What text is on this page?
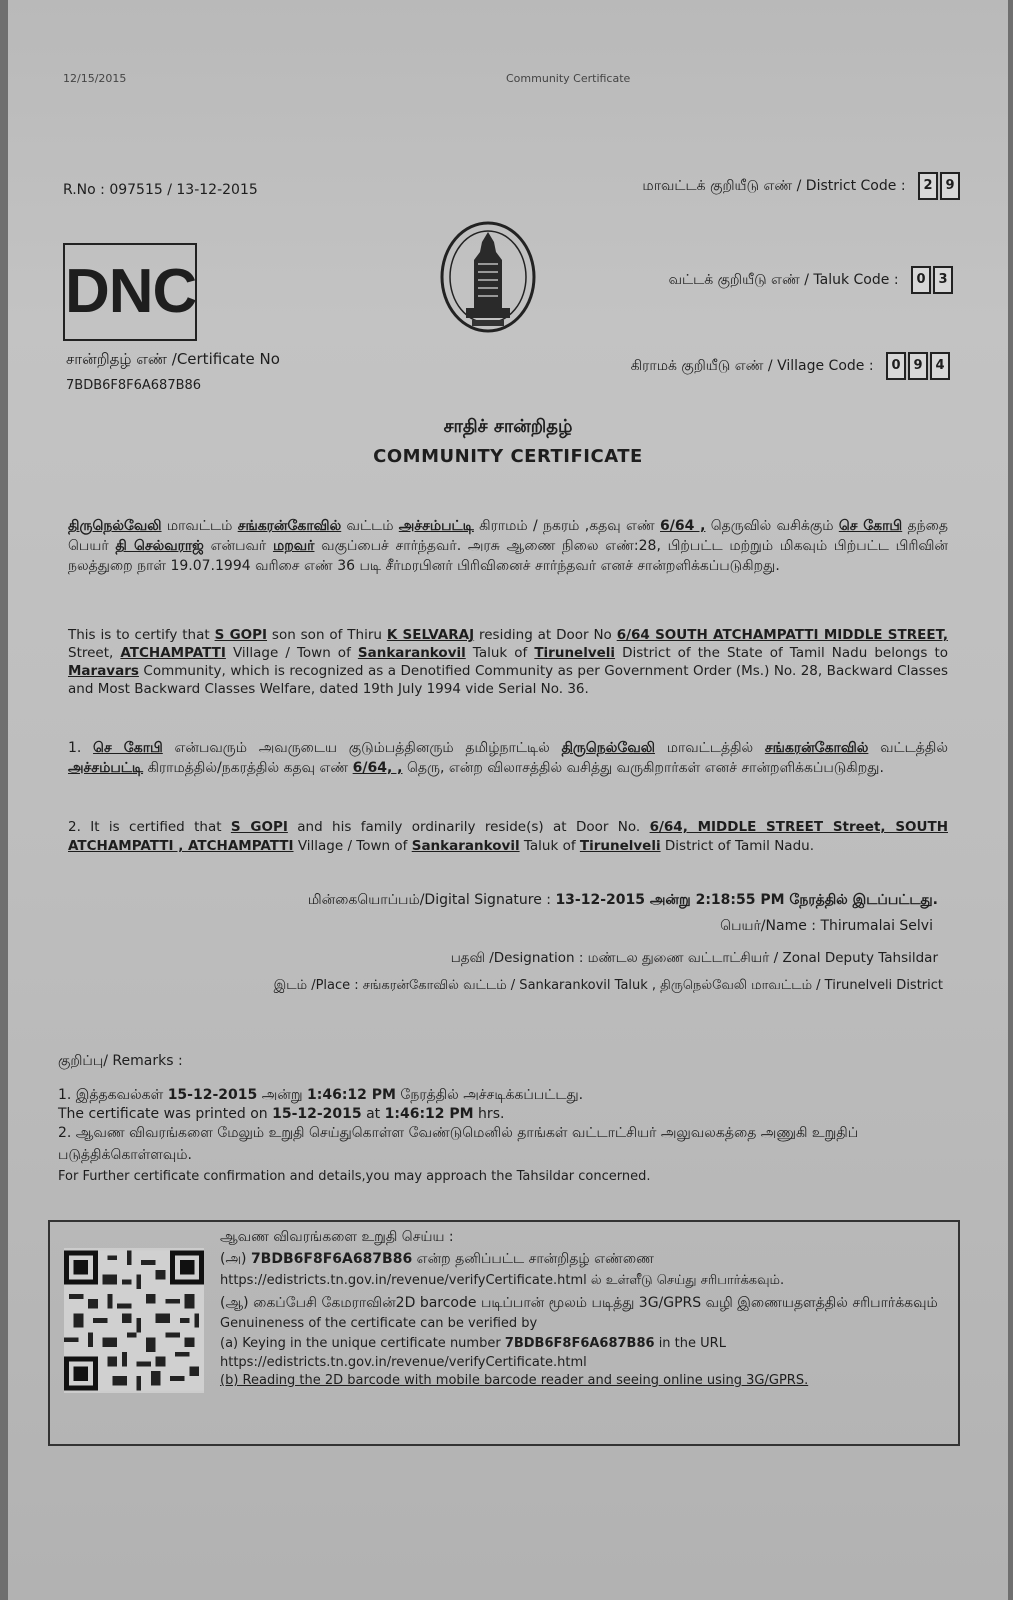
12/15/2015	Community Certificate
R.No : 097515 / 13-12-2015	மாவட்டக் குறியீடு எண் / District Code :	2 9
வட்டக் குறியீடு எண் / Taluk Code :	0 3
கிராமக் குறியீடு எண் / Village Code :	0 9 4
DNC
சான்றிதழ் எண் /Certificate No
7BDB6F8F6A687B86
சாதிச் சான்றிதழ்
COMMUNITY CERTIFICATE
திருநெல்வேலி மாவட்டம் சங்கரன்கோவில் வட்டம் அச்சம்பட்டி கிராமம் / நகரம் ,கதவு எண் 6/64 , தெருவில் வசிக்கும் செ கோபி தந்தை பெயர் தி செல்வராஜ் என்பவர் மறவர் வகுப்பைச் சார்ந்தவர். அரசு ஆணை நிலை எண்:28, பிற்பட்ட மற்றும் மிகவும் பிற்பட்ட பிரிவின் நலத்துறை நாள் 19.07.1994 வரிசை எண் 36 படி சீர்மரபினர் பிரிவினைச் சார்ந்தவர் எனச் சான்றளிக்கப்படுகிறது.
This is to certify that S GOPI son son of Thiru K SELVARAJ residing at Door No 6/64 SOUTH ATCHAMPATTI MIDDLE STREET, Street, ATCHAMPATTI Village / Town of Sankarankovil Taluk of Tirunelveli District of the State of Tamil Nadu belongs to Maravars Community, which is recognized as a Denotified Community as per Government Order (Ms.) No. 28, Backward Classes and Most Backward Classes Welfare, dated 19th July 1994 vide Serial No. 36.
1. செ கோபி என்பவரும் அவருடைய குடும்பத்தினரும் தமிழ்நாட்டில் திருநெல்வேலி மாவட்டத்தில் சங்கரன்கோவில் வட்டத்தில் அச்சம்பட்டி கிராமத்தில்/நகரத்தில் கதவு எண் 6/64, , தெரு, என்ற விலாசத்தில் வசித்து வருகிறார்கள் எனச் சான்றளிக்கப்படுகிறது.
2. It is certified that S GOPI and his family ordinarily reside(s) at Door No. 6/64, MIDDLE STREET Street, SOUTH ATCHAMPATTI , ATCHAMPATTI Village / Town of Sankarankovil Taluk of Tirunelveli District of Tamil Nadu.
மின்கையொப்பம்/Digital Signature : 13-12-2015 அன்று 2:18:55 PM நேரத்தில் இடப்பட்டது.
பெயர்/Name : Thirumalai Selvi
பதவி /Designation : மண்டல துணை வட்டாட்சியர் / Zonal Deputy Tahsildar
இடம் /Place : சங்கரன்கோவில் வட்டம் / Sankarankovil Taluk , திருநெல்வேலி மாவட்டம் / Tirunelveli District
குறிப்பு/ Remarks :
1. இத்தகவல்கள் 15-12-2015 அன்று 1:46:12 PM நேரத்தில் அச்சடிக்கப்பட்டது.
The certificate was printed on 15-12-2015 at 1:46:12 PM hrs.
2. ஆவண விவரங்களை மேலும் உறுதி செய்துகொள்ள வேண்டுமெனில் தாங்கள் வட்டாட்சியர் அலுவலகத்தை அணுகி உறுதிப் படுத்திக்கொள்ளவும்.
For Further certificate confirmation and details,you may approach the Tahsildar concerned.
ஆவண விவரங்களை உறுதி செய்ய :
(அ) 7BDB6F8F6A687B86 என்ற தனிப்பட்ட சான்றிதழ் எண்ணை
https://edistricts.tn.gov.in/revenue/verifyCertificate.html ல் உள்ளீடு செய்து சரிபார்க்கவும்.
(ஆ) கைப்பேசி கேமராவின்2D barcode படிப்பான் மூலம் படித்து 3G/GPRS வழி இணையதளத்தில் சரிபார்க்கவும்
Genuineness of the certificate can be verified by
(a) Keying in the unique certificate number 7BDB6F8F6A687B86 in the URL
https://edistricts.tn.gov.in/revenue/verifyCertificate.html
(b) Reading the 2D barcode with mobile barcode reader and seeing online using 3G/GPRS.
